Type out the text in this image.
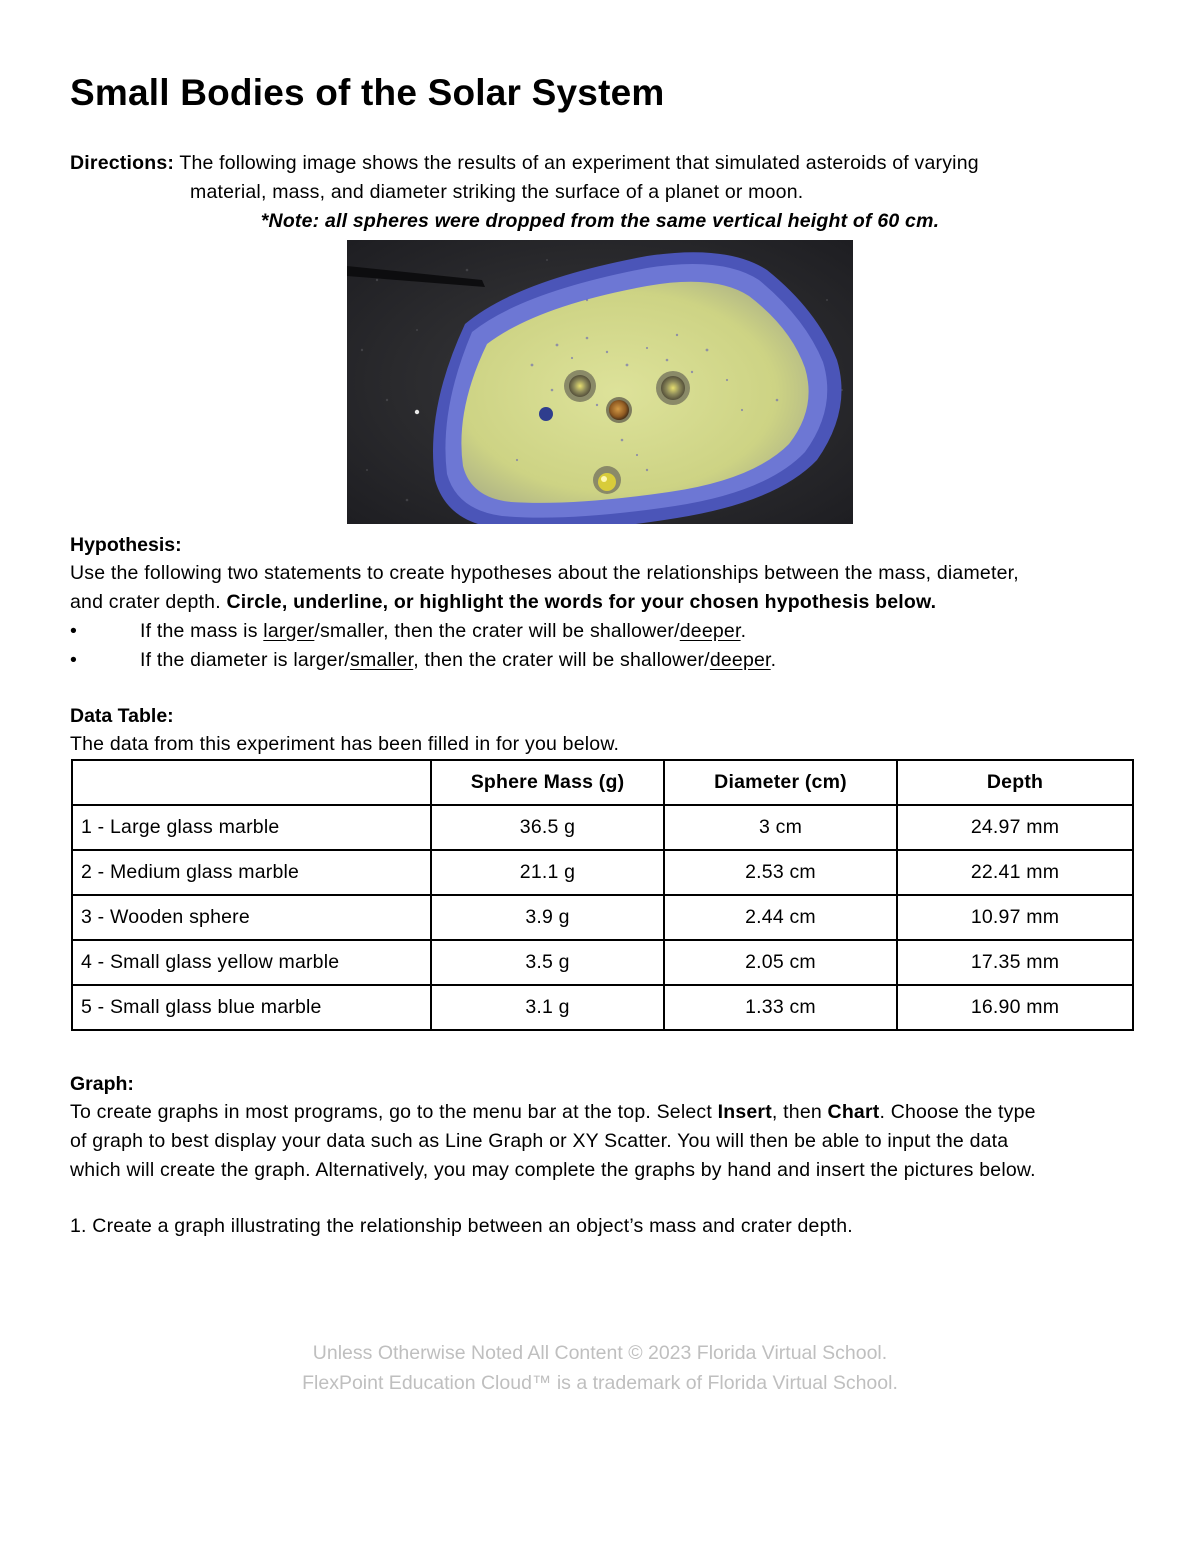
Small Bodies of the Solar System
Directions: The following image shows the results of an experiment that simulated asteroids of varying
material, mass, and diameter striking the surface of a planet or moon.
*Note: all spheres were dropped from the same vertical height of 60 cm.
Hypothesis:
Use the following two statements to create hypotheses about the relationships between the mass, diameter,
and crater depth. Circle, underline, or highlight the words for your chosen hypothesis below.
•	If the mass is larger/smaller, then the crater will be shallower/deeper.
•	If the diameter is larger/smaller, then the crater will be shallower/deeper.
Data Table:
The data from this experiment has been filled in for you below.
	Sphere Mass (g)	Diameter (cm)	Depth
1 - Large glass marble	36.5 g	3 cm	24.97 mm
2 - Medium glass marble	21.1 g	2.53 cm	22.41 mm
3 - Wooden sphere	3.9 g	2.44 cm	10.97 mm
4 - Small glass yellow marble	3.5 g	2.05 cm	17.35 mm
5 - Small glass blue marble	3.1 g	1.33 cm	16.90 mm
Graph:
To create graphs in most programs, go to the menu bar at the top. Select Insert, then Chart. Choose the type
of graph to best display your data such as Line Graph or XY Scatter. You will then be able to input the data
which will create the graph. Alternatively, you may complete the graphs by hand and insert the pictures below.
1. Create a graph illustrating the relationship between an object’s mass and crater depth.
Unless Otherwise Noted All Content © 2023 Florida Virtual School.
FlexPoint Education Cloud™ is a trademark of Florida Virtual School.
